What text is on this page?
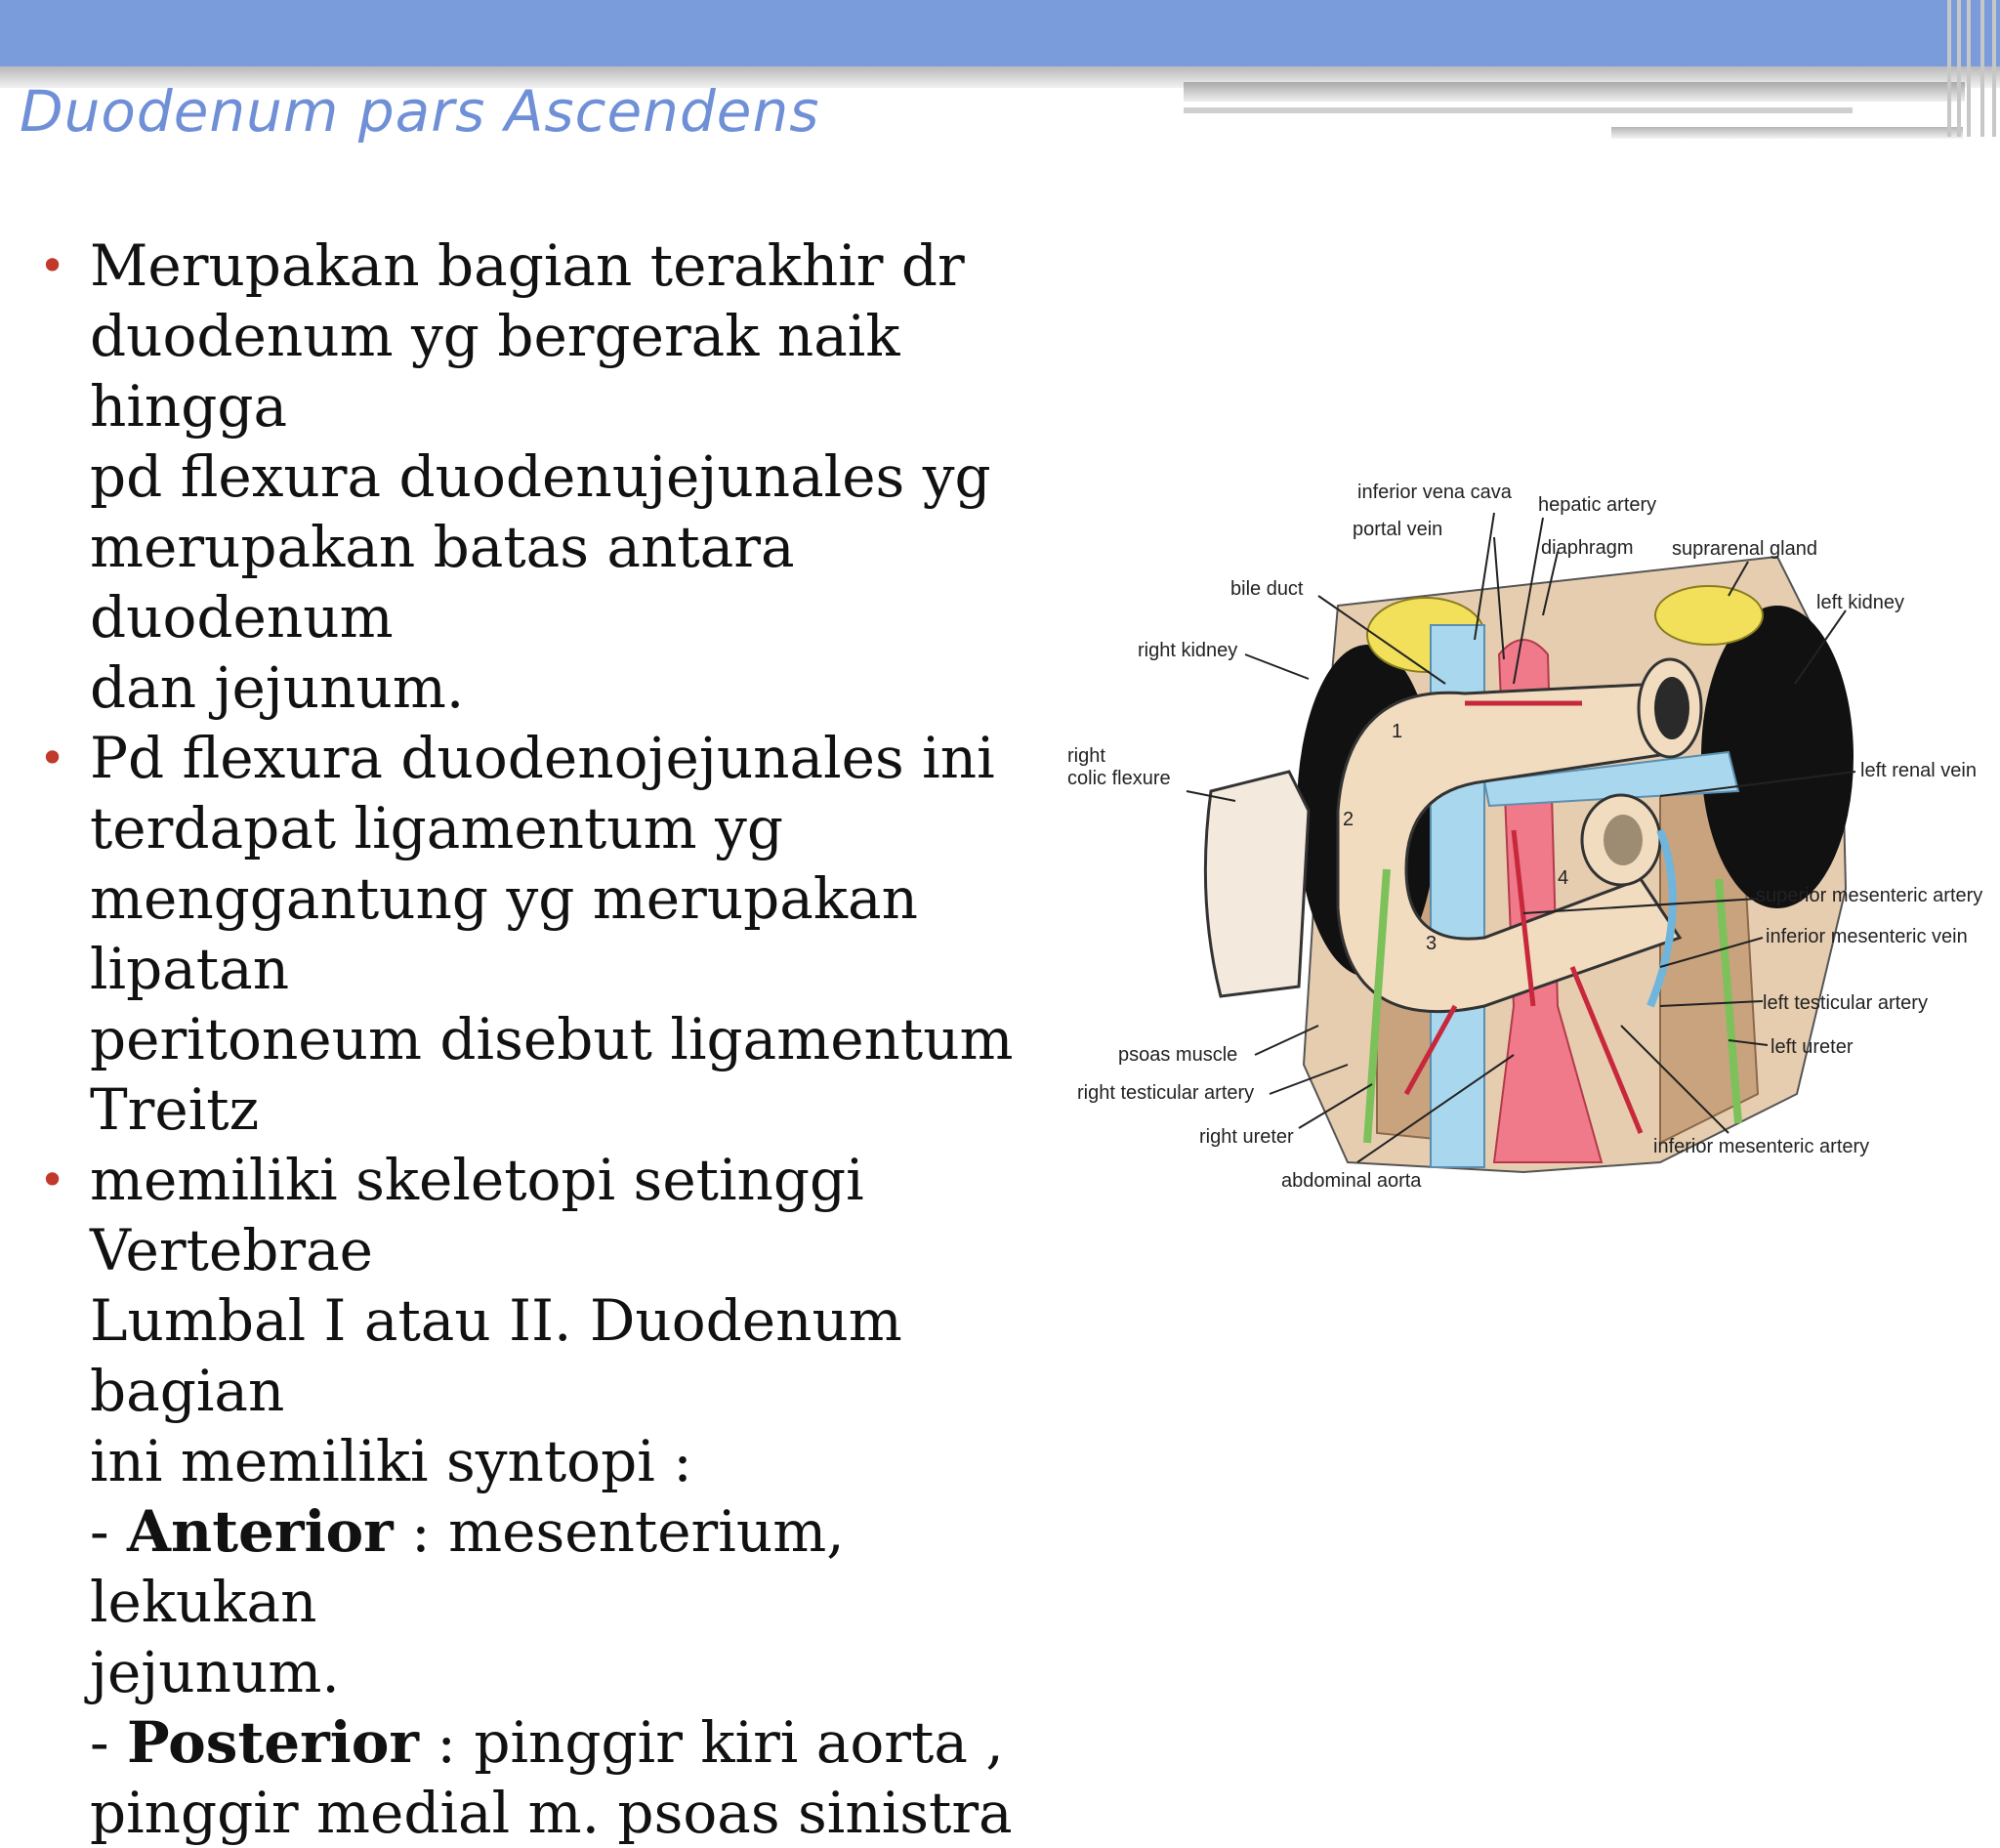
Duodenum pars Ascendens
• Merupakan bagian terakhir dr

duodenum yg bergerak naik hingga

pd flexura duodenujejunales yg

merupakan batas antara duodenum

dan jejunum.

• Pd flexura duodenojejunales ini

terdapat ligamentum yg

menggantung yg merupakan lipatan

peritoneum disebut ligamentum

Treitz

• memiliki skeletopi setinggi Vertebrae

Lumbal I atau II. Duodenum bagian

ini memiliki syntopi :

- Anterior : mesenterium, lekukan

jejunum.

- Posterior : pinggir kiri aorta ,

pinggir medial m. psoas sinistra

1
2
3
4
inferior vena cava
hepatic artery
portal vein
diaphragm suprarenal gland
bile duct
left kidney
right kidney
right
colic flexure	left renal vein
superior mesenteric artery
inferior mesenteric vein
left testicular artery
left ureter
psoas muscle
right testicular artery
right ureter	inferior mesenteric artery
abdominal aorta
